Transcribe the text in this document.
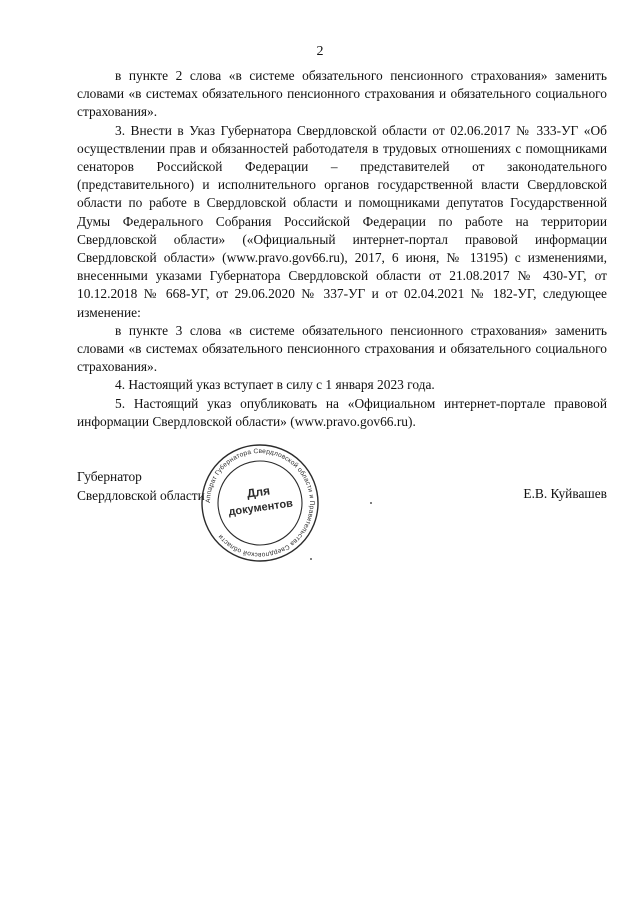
2

в пункте 2 слова «в системе обязательного пенсионного страхования» заменить словами «в системах обязательного пенсионного страхования и обязательного социального страхования».

3. Внести в Указ Губернатора Свердловской области от 02.06.2017 № 333-УГ «Об осуществлении прав и обязанностей работодателя в трудовых отношениях с помощниками сенаторов Российской Федерации – представителей от законодательного (представительного) и исполнительного органов государственной власти Свердловской области по работе в Свердловской области и помощниками депутатов Государственной Думы Федерального Собрания Российской Федерации по работе на территории Свердловской области» («Официальный интернет-портал правовой информации Свердловской области» (www.pravo.gov66.ru), 2017, 6 июня, № 13195) с изменениями, внесенными указами Губернатора Свердловской области от 21.08.2017 № 430-УГ, от 10.12.2018 № 668-УГ, от 29.06.2020 № 337-УГ и от 02.04.2021 № 182-УГ, следующее изменение:

в пункте 3 слова «в системе обязательного пенсионного страхования» заменить словами «в системах обязательного пенсионного страхования и обязательного социального страхования».

4. Настоящий указ вступает в силу с 1 января 2023 года.

5. Настоящий указ опубликовать на «Официальном интернет-портале правовой информации Свердловской области» (www.pravo.gov66.ru).

Губернатор
Свердловской области Аппарат Губернатора Свердловской области и Правительства Свердловской области
Для
документов
Е.В. Куйвашев
